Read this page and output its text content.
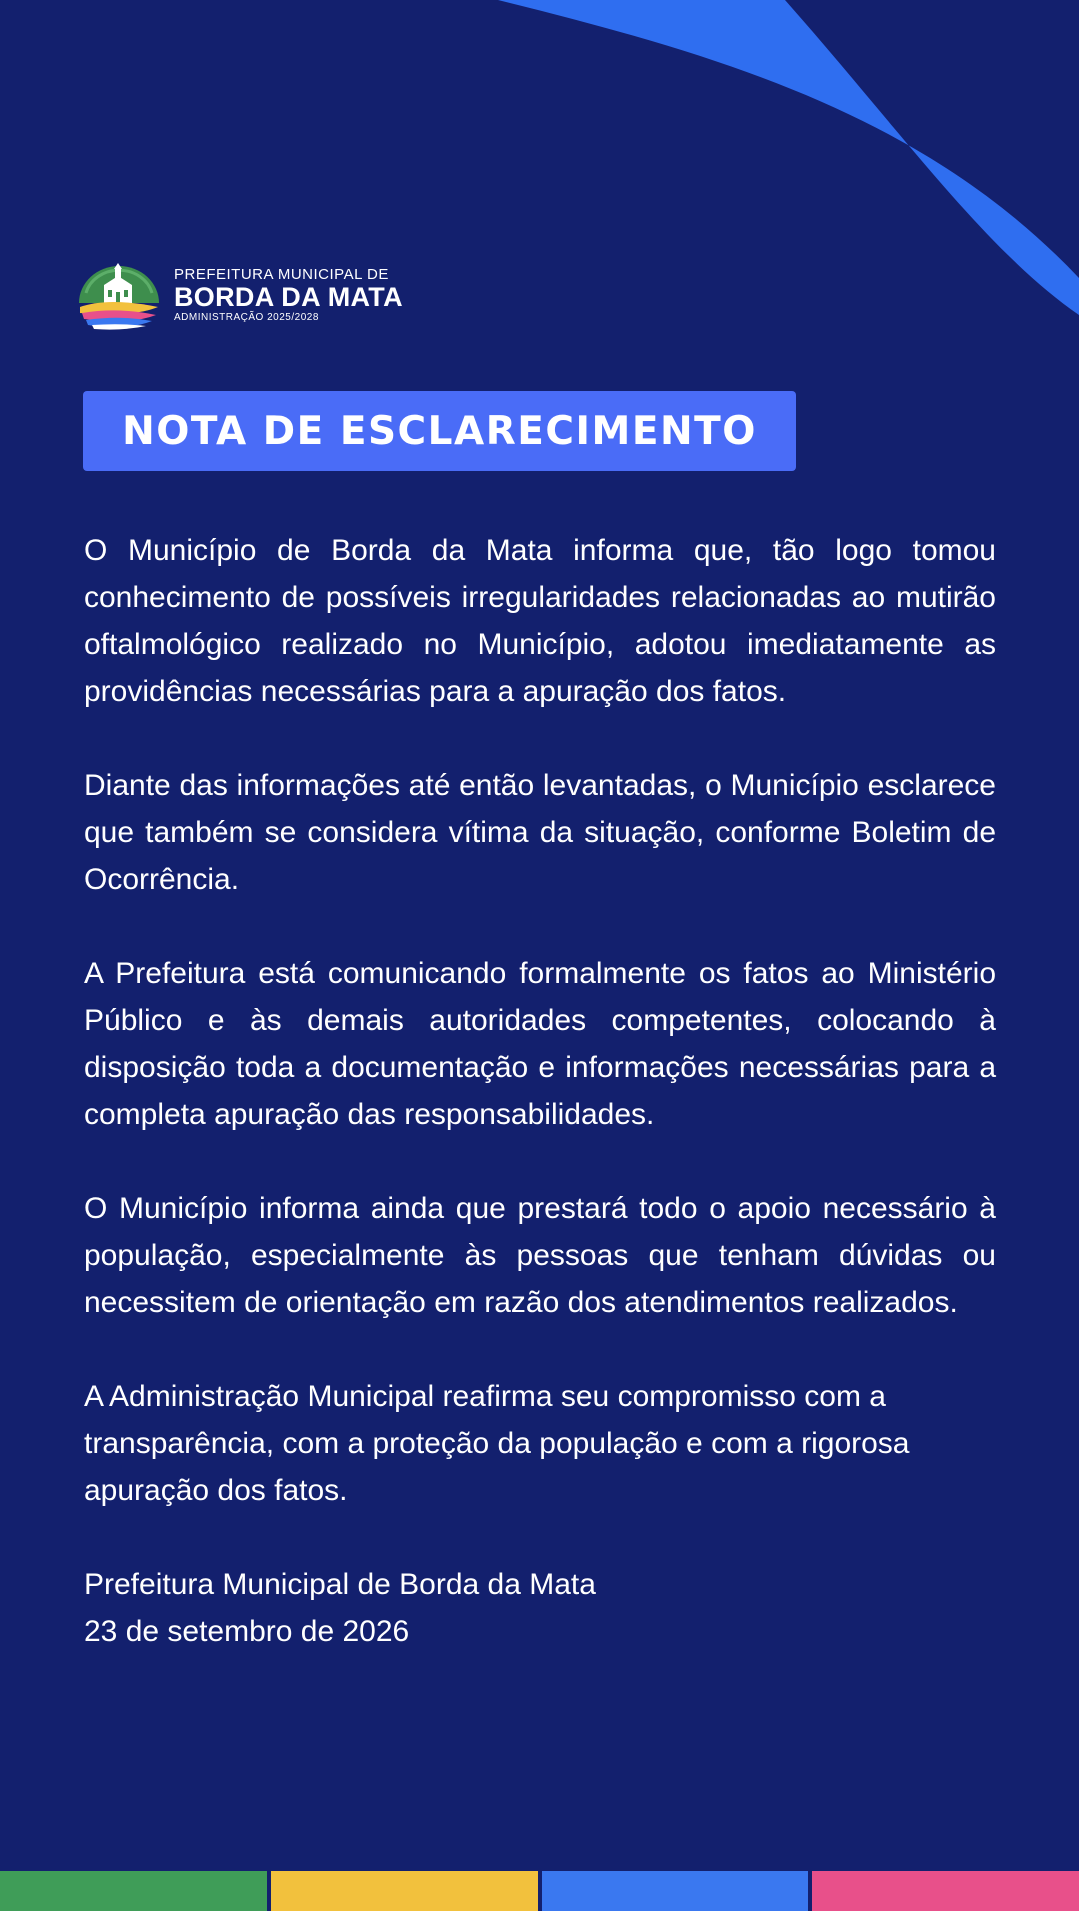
PREFEITURA MUNICIPAL DE
BORDA DA MATA
ADMINISTRAÇÃO 2025/2028
NOTA DE ESCLARECIMENTO

O Município de Borda da Mata informa que, tão logo tomou conhecimento de possíveis irregularidades relacionadas ao mutirão oftalmológico realizado no Município, adotou imediatamente as providências necessárias para a apuração dos fatos.

Diante das informações até então levantadas, o Município esclarece que também se considera vítima da situação, conforme Boletim de Ocorrência.

A Prefeitura está comunicando formalmente os fatos ao Ministério Público e às demais autoridades competentes, colocando à disposição toda a documentação e informações necessárias para a completa apuração das responsabilidades.

O Município informa ainda que prestará todo o apoio necessário à população, especialmente às pessoas que tenham dúvidas ou necessitem de orientação em razão dos atendimentos realizados.

A Administração Municipal reafirma seu compromisso com a transparência, com a proteção da população e com a rigorosa apuração dos fatos.

Prefeitura Municipal de Borda da Mata
23 de setembro de 2026
